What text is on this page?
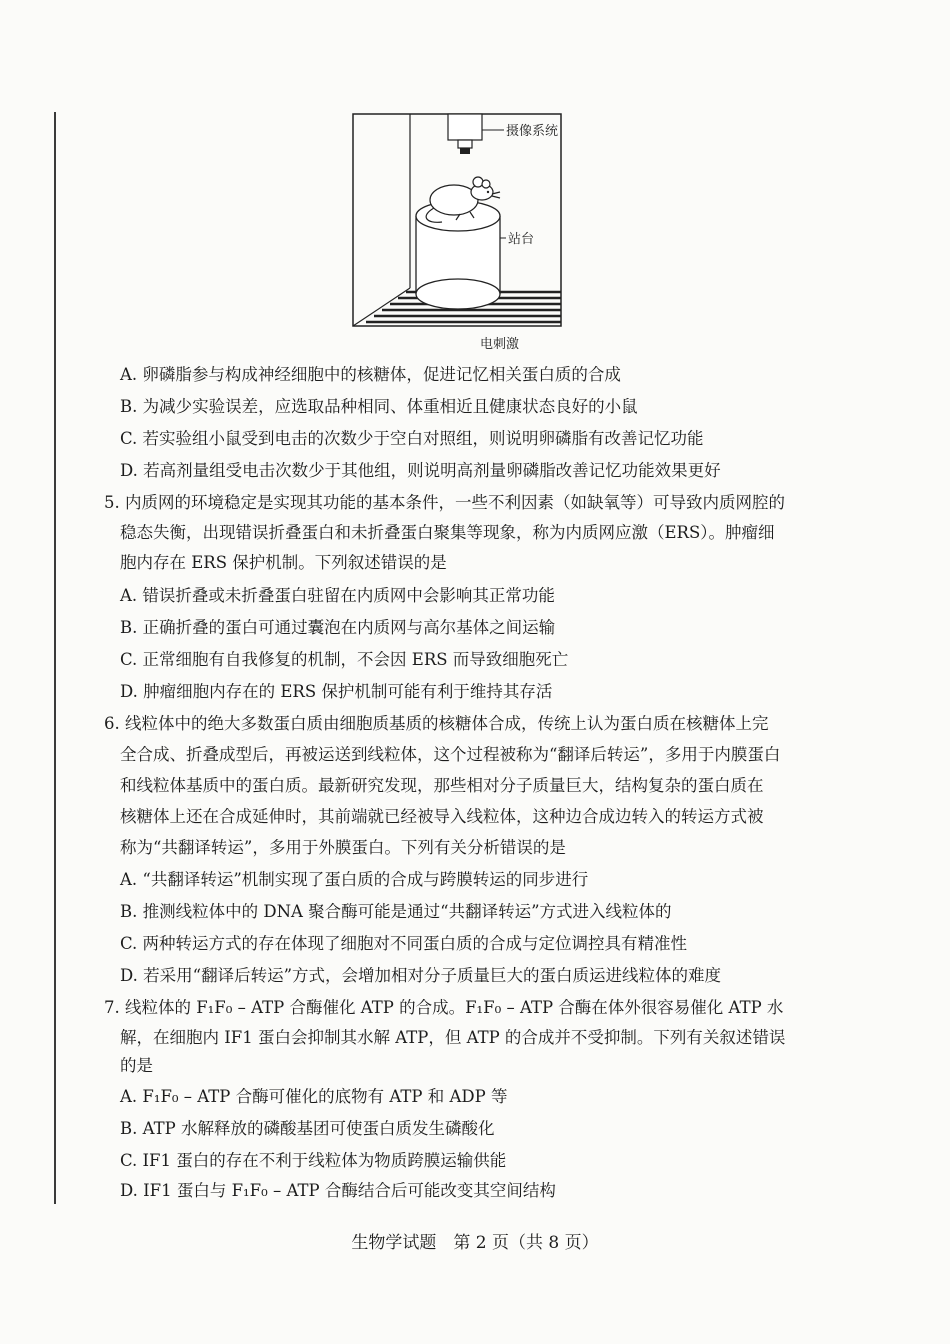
摄像系统
站台
电刺激
A. 卵磷脂参与构成神经细胞中的核糖体，促进记忆相关蛋白质的合成
B. 为减少实验误差，应选取品种相同、体重相近且健康状态良好的小鼠
C. 若实验组小鼠受到电击的次数少于空白对照组，则说明卵磷脂有改善记忆功能
D. 若高剂量组受电击次数少于其他组，则说明高剂量卵磷脂改善记忆功能效果更好
5. 内质网的环境稳定是实现其功能的基本条件，一些不利因素（如缺氧等）可导致内质网腔的
稳态失衡，出现错误折叠蛋白和未折叠蛋白聚集等现象，称为内质网应激（ERS）。肿瘤细
胞内存在 ERS 保护机制。下列叙述错误的是
A. 错误折叠或未折叠蛋白驻留在内质网中会影响其正常功能
B. 正确折叠的蛋白可通过囊泡在内质网与高尔基体之间运输
C. 正常细胞有自我修复的机制，不会因 ERS 而导致细胞死亡
D. 肿瘤细胞内存在的 ERS 保护机制可能有利于维持其存活
6. 线粒体中的绝大多数蛋白质由细胞质基质的核糖体合成，传统上认为蛋白质在核糖体上完
全合成、折叠成型后，再被运送到线粒体，这个过程被称为“翻译后转运”，多用于内膜蛋白
和线粒体基质中的蛋白质。最新研究发现，那些相对分子质量巨大，结构复杂的蛋白质在
核糖体上还在合成延伸时，其前端就已经被导入线粒体，这种边合成边转入的转运方式被
称为“共翻译转运”，多用于外膜蛋白。下列有关分析错误的是
A. “共翻译转运”机制实现了蛋白质的合成与跨膜转运的同步进行
B. 推测线粒体中的 DNA 聚合酶可能是通过“共翻译转运”方式进入线粒体的
C. 两种转运方式的存在体现了细胞对不同蛋白质的合成与定位调控具有精准性
D. 若采用“翻译后转运”方式，会增加相对分子质量巨大的蛋白质运进线粒体的难度
7. 线粒体的 F₁F₀ – ATP 合酶催化 ATP 的合成。F₁F₀ – ATP 合酶在体外很容易催化 ATP 水
解，在细胞内 IF1 蛋白会抑制其水解 ATP，但 ATP 的合成并不受抑制。下列有关叙述错误
的是
A. F₁F₀ – ATP 合酶可催化的底物有 ATP 和 ADP 等
B. ATP 水解释放的磷酸基团可使蛋白质发生磷酸化
C. IF1 蛋白的存在不利于线粒体为物质跨膜运输供能
D. IF1 蛋白与 F₁F₀ – ATP 合酶结合后可能改变其空间结构
生物学试题　第 2 页（共 8 页）
